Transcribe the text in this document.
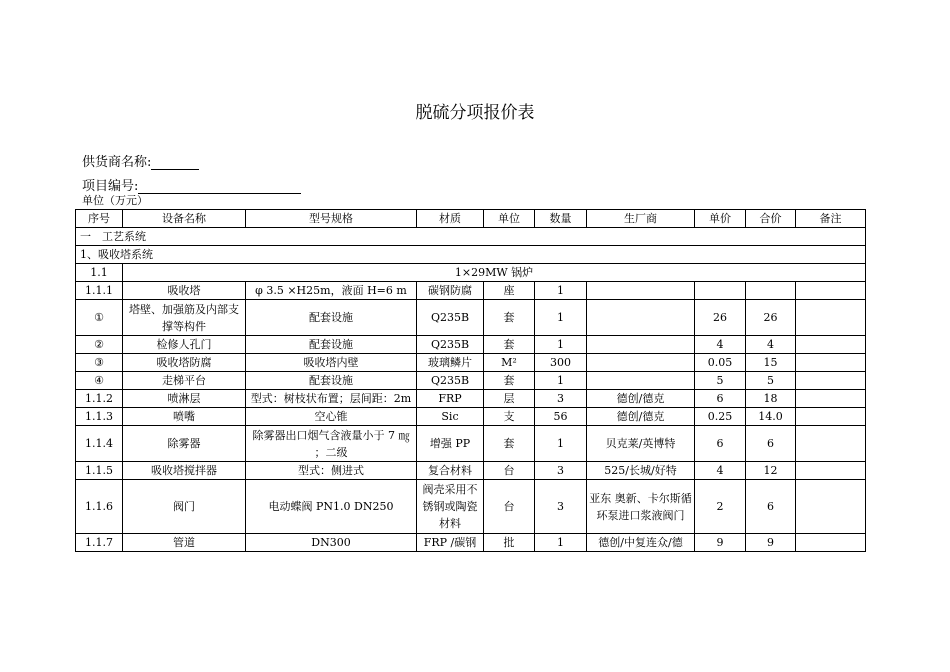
脱硫分项报价表
供货商名称:
项目编号:
单位（万元）
序号	设备名称	型号规格	材质	单位	数量	生厂商	单价	合价	备注
一　工艺系统									
1、吸收塔系统									
1.1	1×29MW 锅炉								
1.1.1	吸收塔	φ 3.5 ×H25m，液面 H=6 m	碳钢防腐	座	1				
①	塔壁、加强筋及内部支撑等构件	配套设施	Q235B	套	1		26	26	
②	检修人孔门	配套设施	Q235B	套	1		4	4	
③	吸收塔防腐	吸收塔内壁	玻璃鳞片	M²	300		0.05	15	
④	走梯平台	配套设施	Q235B	套	1		5	5	
1.1.2	喷淋层	型式：树枝状布置；层间距：2m	FRP	层	3	德创/德克	6	18	
1.1.3	喷嘴	空心锥	Sic	支	56	德创/德克	0.25	14.0	
1.1.4	除雾器	除雾器出口烟气含液量小于 7 ㎎ ；二级	增强 PP	套	1	贝克莱/英博特	6	6	
1.1.5	吸收塔搅拌器	型式：侧进式	复合材料	台	3	525/长城/好特	4	12	
1.1.6	阀门	电动蝶阀 PN1.0 DN250	阀壳采用不锈钢或陶瓷材料	台	3	亚东 奥新、卡尔斯循环泵进口浆液阀门	2	6	
1.1.7	管道	DN300	FRP /碳钢	批	1	德创/中复连众/德	9	9	
